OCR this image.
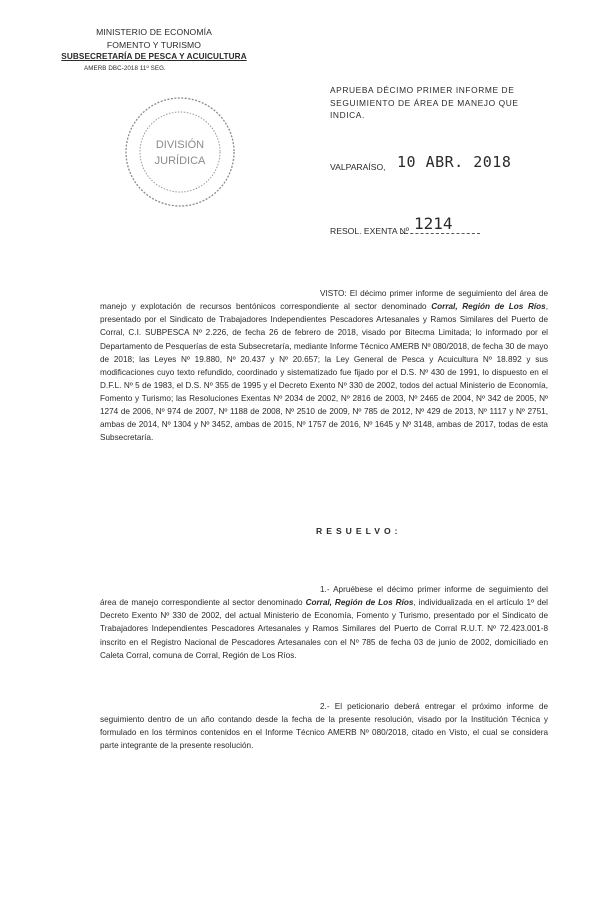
MINISTERIO DE ECONOMÍA
FOMENTO Y TURISMO
SUBSECRETARÍA DE PESCA Y ACUICULTURA
AMERB DBC-2018 11º SEG.
DIVISIÓN
JURÍDICA
APRUEBA DÉCIMO PRIMER INFORME DE SEGUIMIENTO DE ÁREA DE MANEJO QUE INDICA.
VALPARAÍSO, 10 ABR. 2018
RESOL. EXENTA Nº 1214

VISTO: El décimo primer informe de seguimiento del área de manejo y explotación de recursos bentónicos correspondiente al sector denominado Corral, Región de Los Ríos, presentado por el Sindicato de Trabajadores Independientes Pescadores Artesanales y Ramos Similares del Puerto de Corral, C.I. SUBPESCA Nº 2.226, de fecha 26 de febrero de 2018, visado por Bitecma Limitada; lo informado por el Departamento de Pesquerías de esta Subsecretaría, mediante Informe Técnico AMERB Nº 080/2018, de fecha 30 de mayo de 2018; las Leyes Nº 19.880, Nº 20.437 y Nº 20.657; la Ley General de Pesca y Acuicultura Nº 18.892 y sus modificaciones cuyo texto refundido, coordinado y sistematizado fue fijado por el D.S. Nº 430 de 1991, lo dispuesto en el D.F.L. Nº 5 de 1983, el D.S. Nº 355 de 1995 y el Decreto Exento Nº 330 de 2002, todos del actual Ministerio de Economía, Fomento y Turismo; las Resoluciones Exentas Nº 2034 de 2002, Nº 2816 de 2003, Nº 2465 de 2004, Nº 342 de 2005, Nº 1274 de 2006, Nº 974 de 2007, Nº 1188 de 2008, Nº 2510 de 2009, Nº 785 de 2012, Nº 429 de 2013, Nº 1117 y Nº 2751, ambas de 2014, Nº 1304 y Nº 3452, ambas de 2015, Nº 1757 de 2016, Nº 1645 y Nº 3148, ambas de 2017, todas de esta Subsecretaría.

RESUELVO:

1.- Apruébese el décimo primer informe de seguimiento del área de manejo correspondiente al sector denominado Corral, Región de Los Ríos, individualizada en el artículo 1º del Decreto Exento Nº 330 de 2002, del actual Ministerio de Economía, Fomento y Turismo, presentado por el Sindicato de Trabajadores Independientes Pescadores Artesanales y Ramos Similares del Puerto de Corral R.U.T. Nº 72.423.001-8 inscrito en el Registro Nacional de Pescadores Artesanales con el Nº 785 de fecha 03 de junio de 2002, domiciliado en Caleta Corral, comuna de Corral, Región de Los Ríos.

2.- El peticionario deberá entregar el próximo informe de seguimiento dentro de un año contando desde la fecha de la presente resolución, visado por la Institución Técnica y formulado en los términos contenidos en el Informe Técnico AMERB Nº 080/2018, citado en Visto, el cual se considera parte integrante de la presente resolución.
